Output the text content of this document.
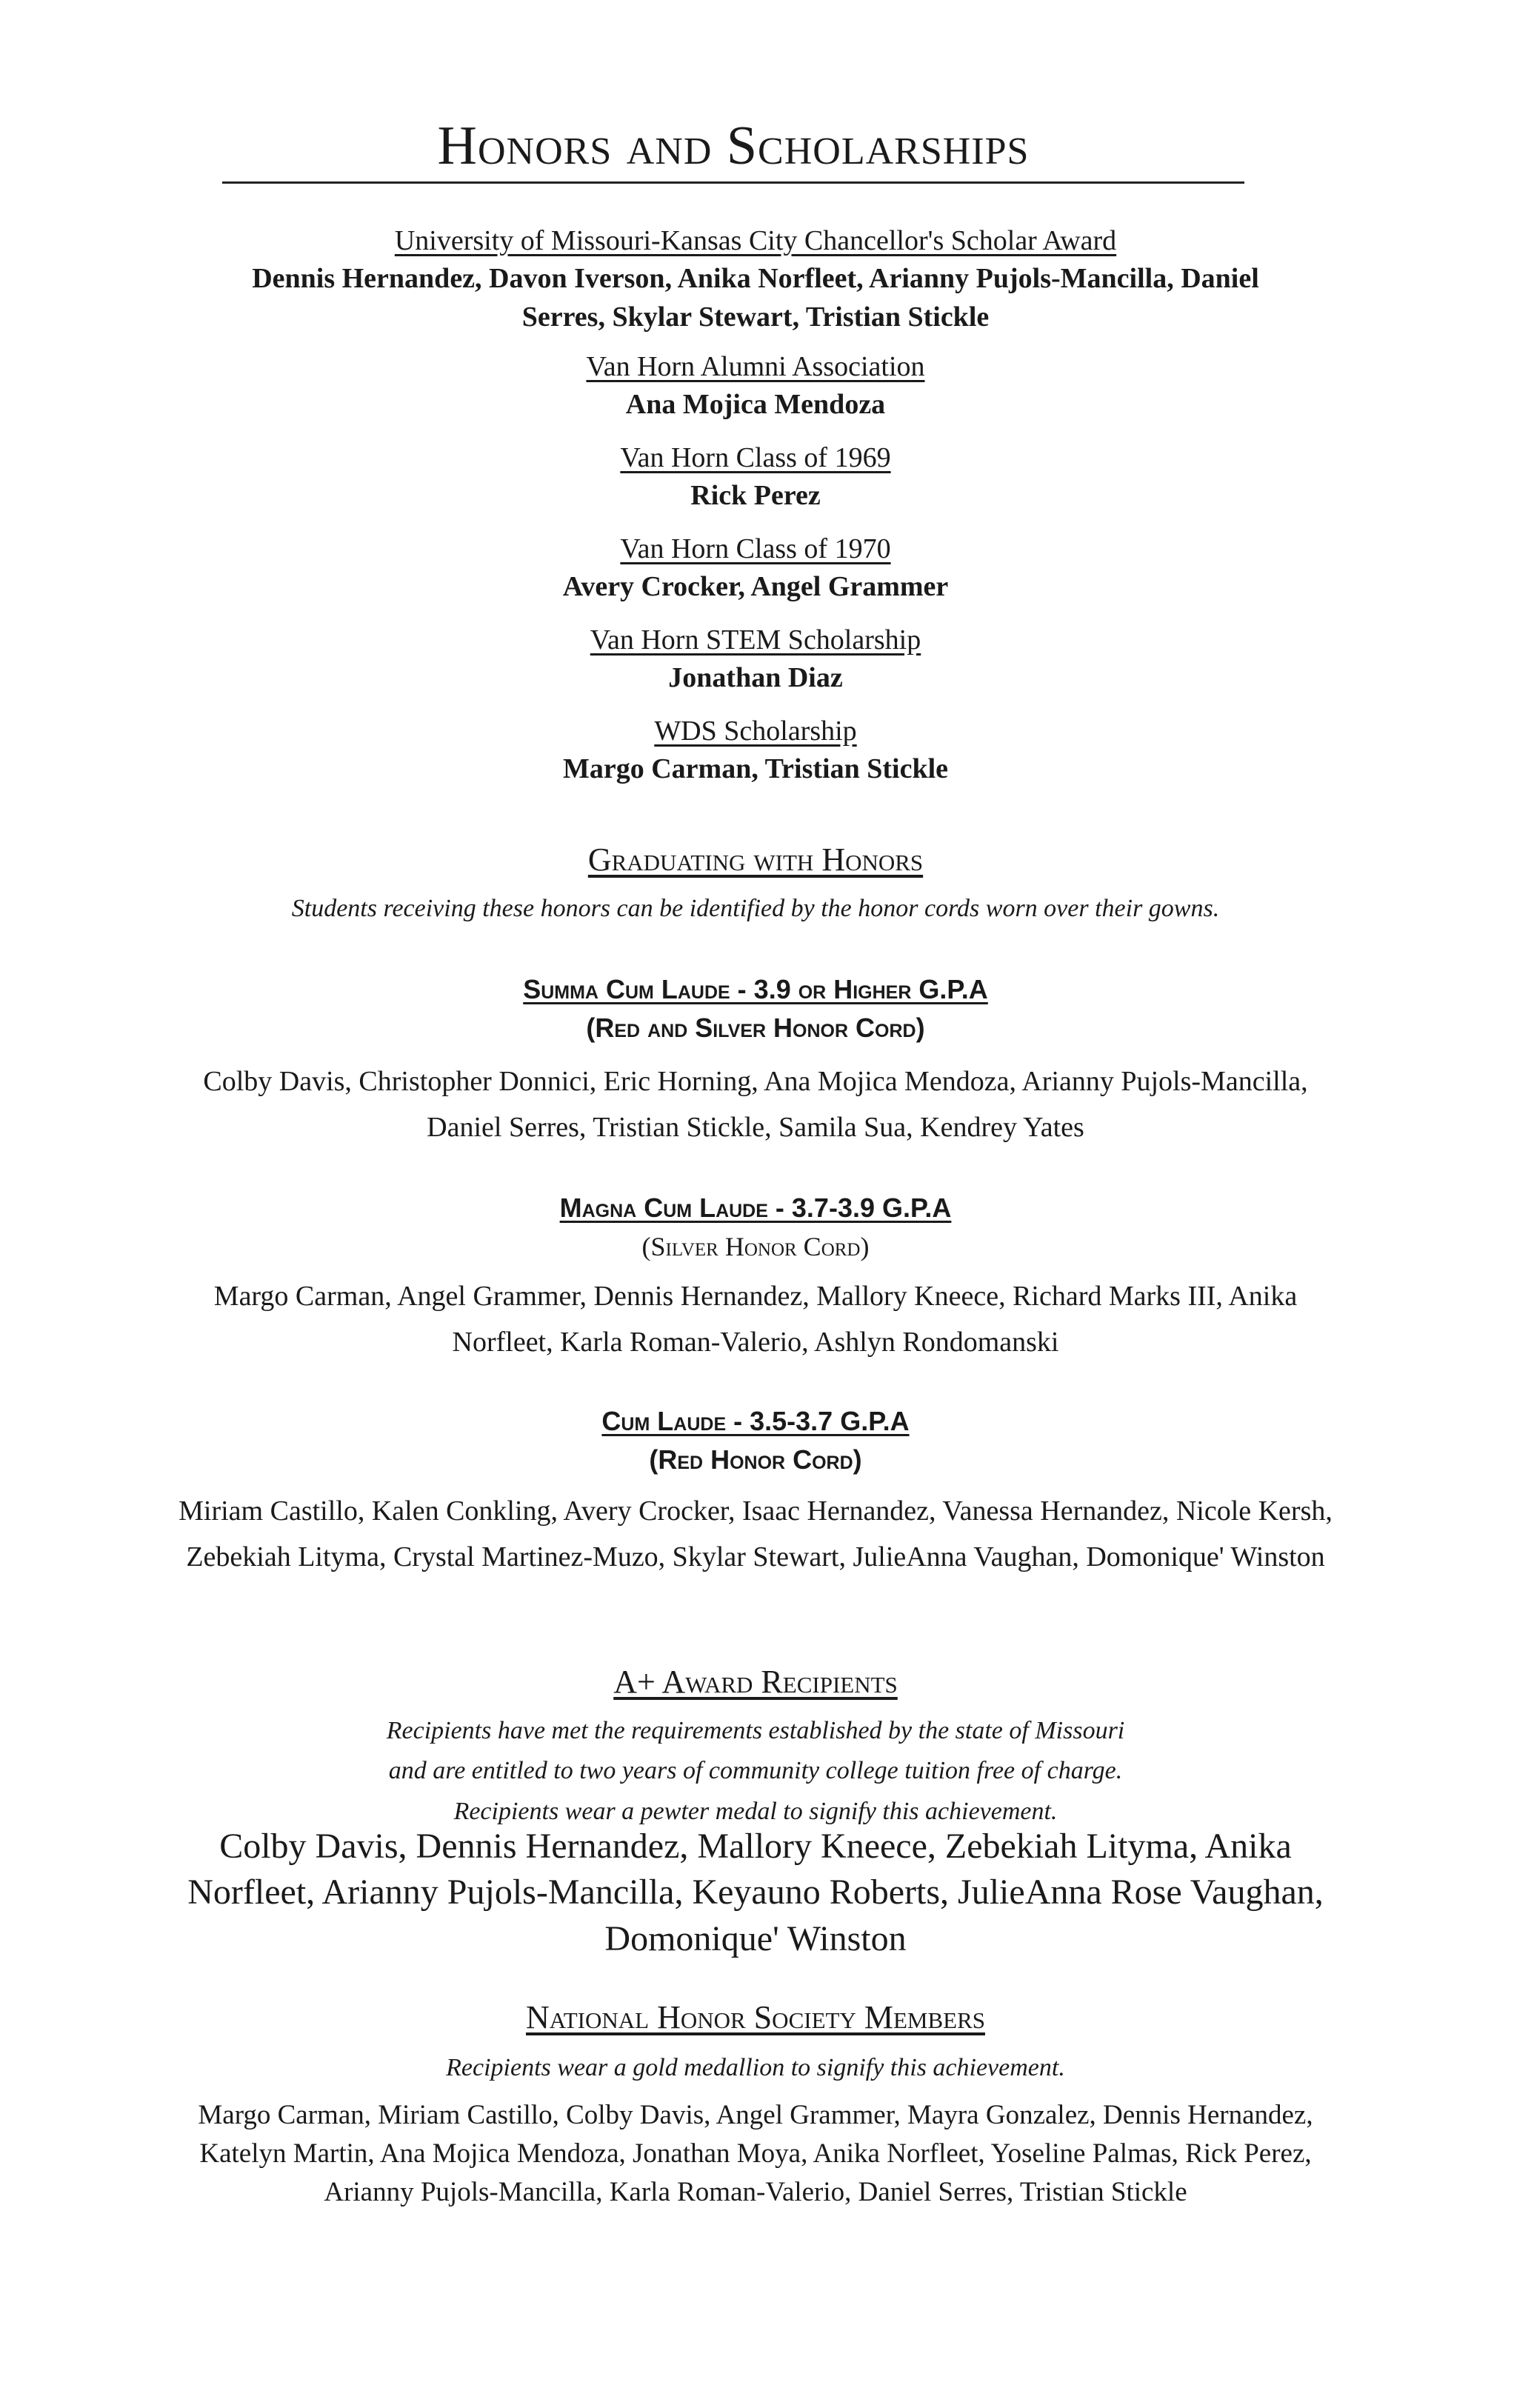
Honors and Scholarships

University of Missouri-Kansas City Chancellor's Scholar Award

Dennis Hernandez, Davon Iverson, Anika Norfleet, Arianny Pujols-Mancilla, Daniel Serres, Skylar Stewart, Tristian Stickle

Van Horn Alumni Association

Ana Mojica Mendoza

Van Horn Class of 1969

Rick Perez

Van Horn Class of 1970

Avery Crocker, Angel Grammer

Van Horn STEM Scholarship

Jonathan Diaz

WDS Scholarship

Margo Carman, Tristian Stickle

Graduating with Honors
Students receiving these honors can be identified by the honor cords worn over their gowns.
Summa Cum Laude - 3.9 or Higher G.P.A
(Red and Silver Honor Cord)
Colby Davis, Christopher Donnici, Eric Horning, Ana Mojica Mendoza, Arianny Pujols-Mancilla, Daniel Serres, Tristian Stickle, Samila Sua, Kendrey Yates
Magna Cum Laude - 3.7-3.9 G.P.A
(Silver Honor Cord)
Margo Carman, Angel Grammer, Dennis Hernandez, Mallory Kneece, Richard Marks III, Anika Norfleet, Karla Roman-Valerio, Ashlyn Rondomanski
Cum Laude - 3.5-3.7 G.P.A
(Red Honor Cord)
Miriam Castillo, Kalen Conkling, Avery Crocker, Isaac Hernandez, Vanessa Hernandez, Nicole Kersh, Zebekiah Lityma, Crystal Martinez-Muzo, Skylar Stewart, JulieAnna Vaughan, Domonique' Winston
A+ Award Recipients
Recipients have met the requirements established by the state of Missouri
and are entitled to two years of community college tuition free of charge.
Recipients wear a pewter medal to signify this achievement.
Colby Davis, Dennis Hernandez, Mallory Kneece, Zebekiah Lityma, Anika Norfleet, Arianny Pujols-Mancilla, Keyauno Roberts, JulieAnna Rose Vaughan, Domonique' Winston
National Honor Society Members
Recipients wear a gold medallion to signify this achievement.
Margo Carman, Miriam Castillo, Colby Davis, Angel Grammer, Mayra Gonzalez, Dennis Hernandez, Katelyn Martin, Ana Mojica Mendoza, Jonathan Moya, Anika Norfleet, Yoseline Palmas, Rick Perez, Arianny Pujols-Mancilla, Karla Roman-Valerio, Daniel Serres, Tristian Stickle
